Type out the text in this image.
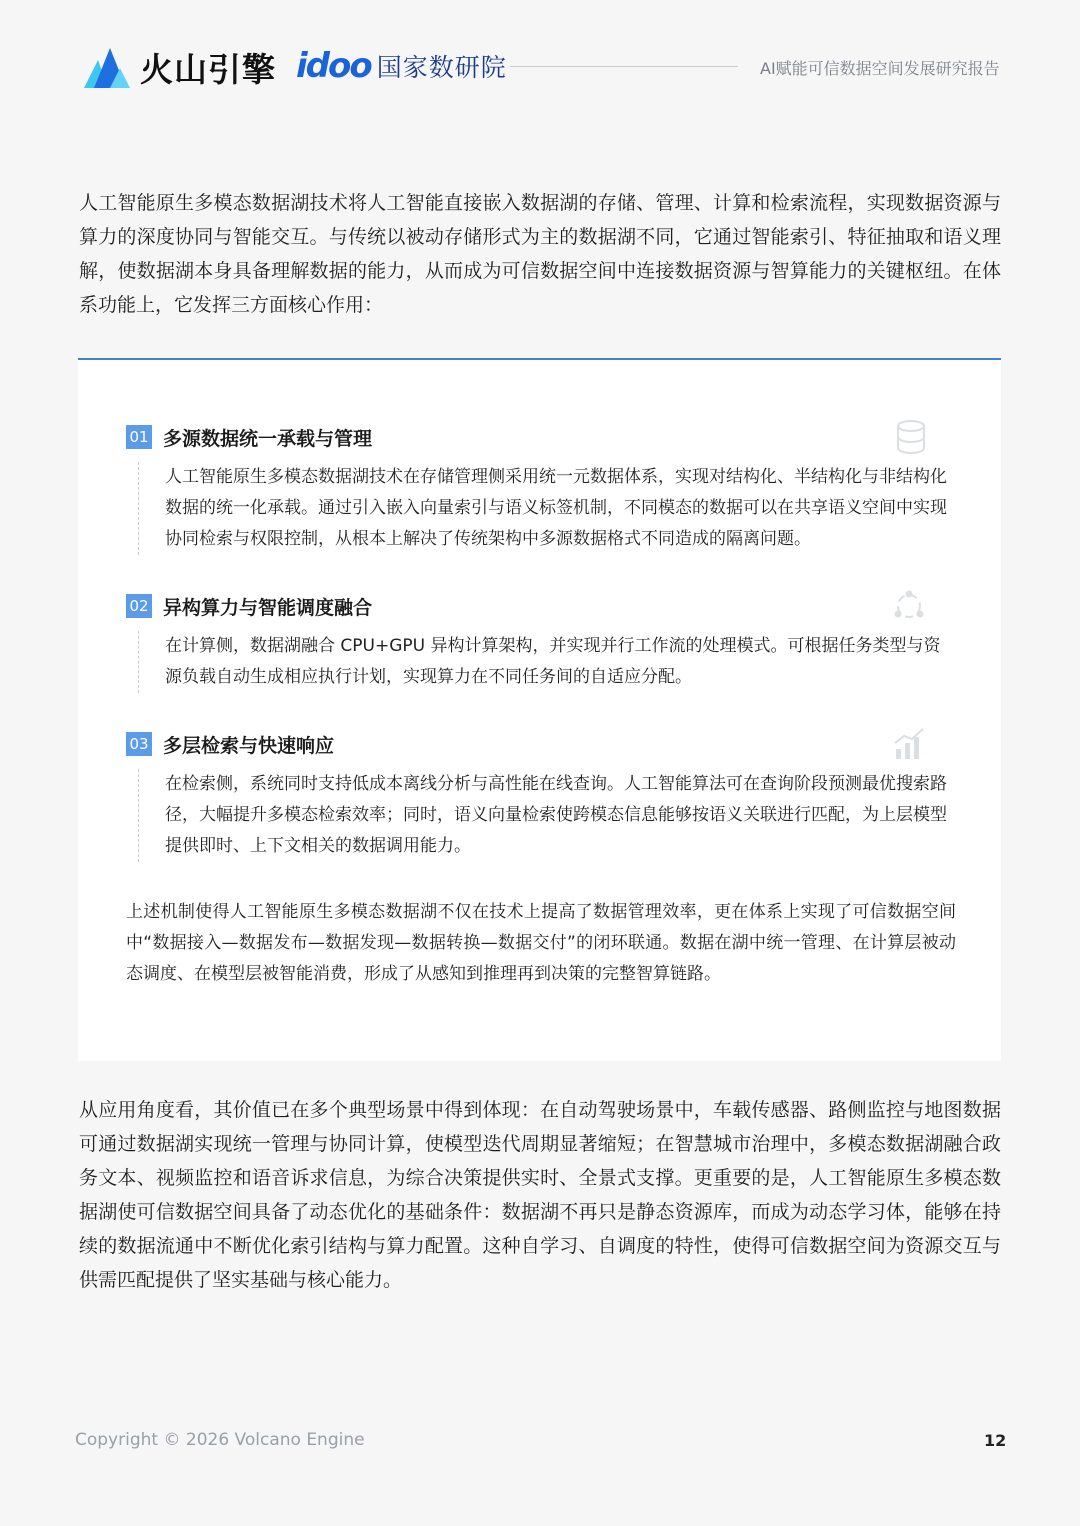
火山引擎 idoo 国家数研院	AI赋能可信数据空间发展研究报告

人工智能原生多模态数据湖技术将人工智能直接嵌入数据湖的存储、管理、计算和检索流程，实现数据资源与算力的深度协同与智能交互。与传统以被动存储形式为主的数据湖不同，它通过智能索引、特征抽取和语义理解，使数据湖本身具备理解数据的能力，从而成为可信数据空间中连接数据资源与智算能力的关键枢纽。在体系功能上，它发挥三方面核心作用：

01 多源数据统一承载与管理
人工智能原生多模态数据湖技术在存储管理侧采用统一元数据体系，实现对结构化、半结构化与非结构化数据的统一化承载。通过引入嵌入向量索引与语义标签机制，不同模态的数据可以在共享语义空间中实现协同检索与权限控制，从根本上解决了传统架构中多源数据格式不同造成的隔离问题。
02 异构算力与智能调度融合
在计算侧，数据湖融合 CPU+GPU 异构计算架构，并实现并行工作流的处理模式。可根据任务类型与资源负载自动生成相应执行计划，实现算力在不同任务间的自适应分配。
03 多层检索与快速响应
在检索侧，系统同时支持低成本离线分析与高性能在线查询。人工智能算法可在查询阶段预测最优搜索路径，大幅提升多模态检索效率；同时，语义向量检索使跨模态信息能够按语义关联进行匹配，为上层模型提供即时、上下文相关的数据调用能力。
上述机制使得人工智能原生多模态数据湖不仅在技术上提高了数据管理效率，更在体系上实现了可信数据空间中“数据接入—数据发布—数据发现—数据转换—数据交付”的闭环联通。数据在湖中统一管理、在计算层被动态调度、在模型层被智能消费，形成了从感知到推理再到决策的完整智算链路。

从应用角度看，其价值已在多个典型场景中得到体现：在自动驾驶场景中，车载传感器、路侧监控与地图数据可通过数据湖实现统一管理与协同计算，使模型迭代周期显著缩短；在智慧城市治理中，多模态数据湖融合政务文本、视频监控和语音诉求信息，为综合决策提供实时、全景式支撑。更重要的是，人工智能原生多模态数据湖使可信数据空间具备了动态优化的基础条件：数据湖不再只是静态资源库，而成为动态学习体，能够在持续的数据流通中不断优化索引结构与算力配置。这种自学习、自调度的特性，使得可信数据空间为资源交互与供需匹配提供了坚实基础与核心能力。

Copyright © 2026 Volcano Engine	12
